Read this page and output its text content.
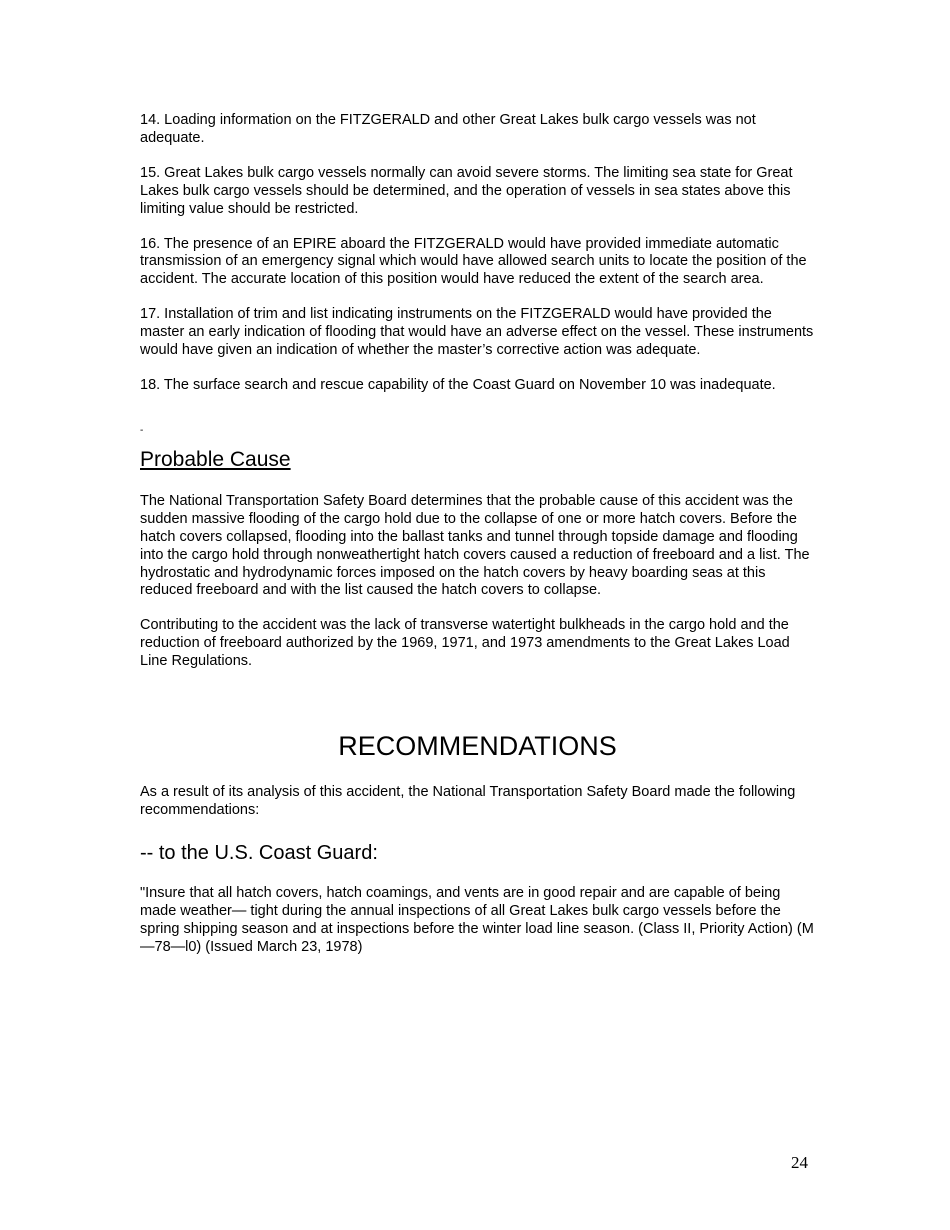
14. Loading information on the FITZGERALD and other Great Lakes bulk cargo vessels was not adequate.

15. Great Lakes bulk cargo vessels normally can avoid severe storms. The limiting sea state for Great Lakes bulk cargo vessels should be determined, and the operation of vessels in sea states above this limiting value should be restricted.

16. The presence of an EPIRE aboard the FITZGERALD would have provided immediate automatic transmission of an emergency signal which would have allowed search units to locate the position of the accident. The accurate location of this position would have reduced the extent of the search area.

17. Installation of trim and list indicating instruments on the FITZGERALD would have provided the master an early indication of flooding that would have an adverse effect on the vessel. These instruments would have given an indication of whether the master’s corrective action was adequate.

18. The surface search and rescue capability of the Coast Guard on November 10 was inadequate.

-
Probable Cause

The National Transportation Safety Board determines that the probable cause of this accident was the sudden massive flooding of the cargo hold due to the collapse of one or more hatch covers. Before the hatch covers collapsed, flooding into the ballast tanks and tunnel through topside damage and flooding into the cargo hold through nonweathertight hatch covers caused a reduction of freeboard and a list. The hydrostatic and hydrodynamic forces imposed on the hatch covers by heavy boarding seas at this reduced freeboard and with the list caused the hatch covers to collapse.

Contributing to the accident was the lack of transverse watertight bulkheads in the cargo hold and the reduction of freeboard authorized by the 1969, 1971, and 1973 amendments to the Great Lakes Load Line Regulations.

RECOMMENDATIONS

As a result of its analysis of this accident, the National Transportation Safety Board made the following recommendations:

-- to the U.S. Coast Guard:

"Insure that all hatch covers, hatch coamings, and vents are in good repair and are capable of being made weather— tight during the annual inspections of all Great Lakes bulk cargo vessels before the spring shipping season and at inspections before the winter load line season. (Class II, Priority Action) (M—78—l0) (Issued March 23, 1978)

24
